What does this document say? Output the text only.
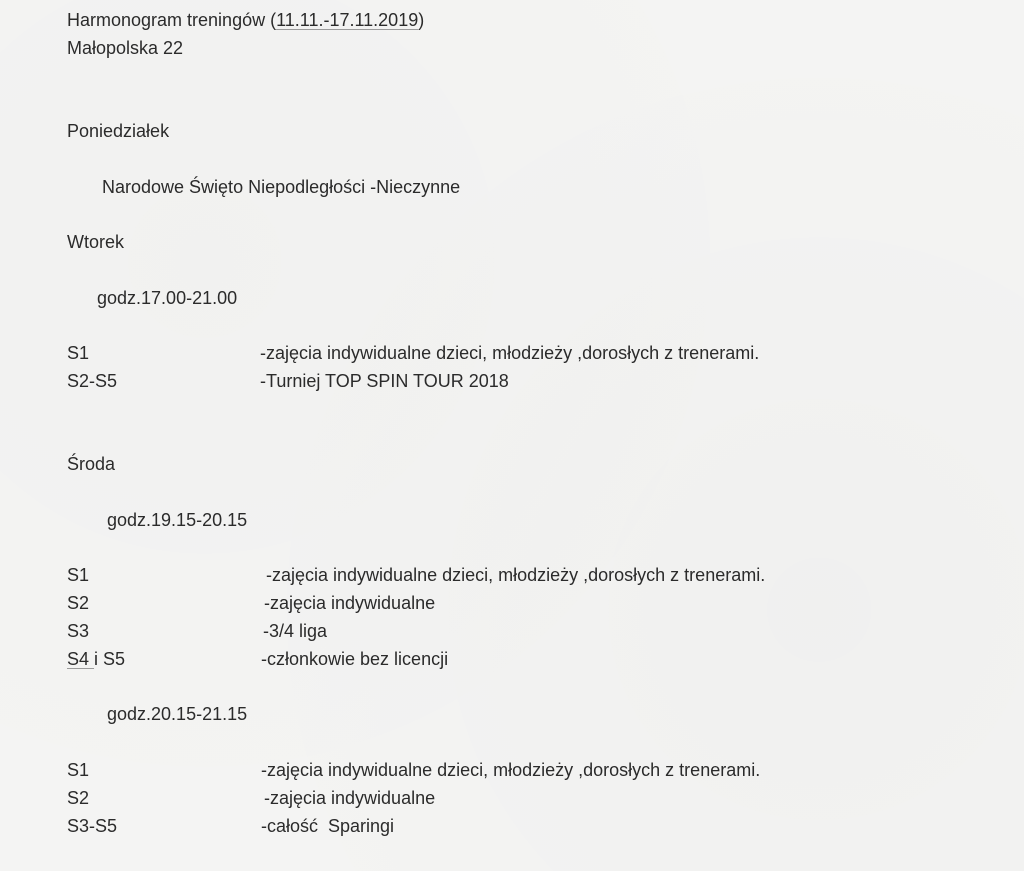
Harmonogram treningów (11.11.-17.11.2019)
Małopolska 22
Poniedziałek
Narodowe Święto Niepodległości -Nieczynne
Wtorek
godz.17.00-21.00
S1	-zajęcia indywidualne dzieci, młodzieży ,dorosłych z trenerami.
S2-S5	-Turniej TOP SPIN TOUR 2018
Środa
godz.19.15-20.15
S1	-zajęcia indywidualne dzieci, młodzieży ,dorosłych z trenerami.
S2	-zajęcia indywidualne
S3	-3/4 liga
S4 i S5	-członkowie bez licencji
godz.20.15-21.15
S1	-zajęcia indywidualne dzieci, młodzieży ,dorosłych z trenerami.
S2	-zajęcia indywidualne
S3-S5	-całość  Sparingi
